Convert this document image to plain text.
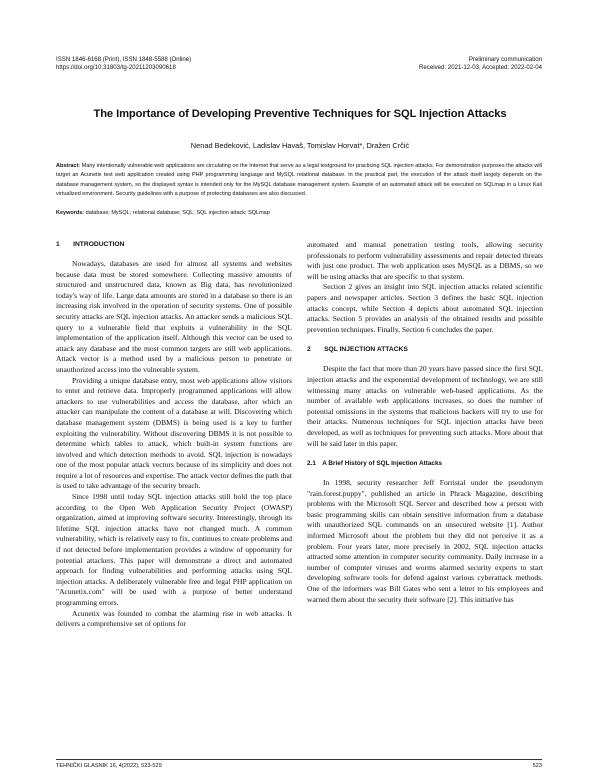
ISSN 1846-6168 (Print), ISSN 1848-5588 (Online)
https://doi.org/10.31803/tg-20211203090618
Preliminary communication
Received: 2021-12-03, Accepted: 2022-02-04
The Importance of Developing Preventive Techniques for SQL Injection Attacks
Nenad Bedeković, Ladislav Havaš, Tomislav Horvat*, Dražen Crčić
Abstract: Many intentionally vulnerable web applications are circulating on the Internet that serve as a legal testground for practicing SQL injection attacks. For demonstration purposes the attacks will target an Acunetix test web application created using PHP programming language and MySQL relational database. In the practical part, the execution of the attack itself largely depends on the database management system, so the displayed syntax is intended only for the MySQL database management system. Example of an automated attack will be executed on SQLmap in a Linux Kali virtualized environment. Security guidelines with a purpose of protecting databases are also discussed.
Keywords: database; MySQL; relational database; SQL; SQL injection attack; SQLmap
1  INTRODUCTION

Nowadays, databases are used for almost all systems and websites because data must be stored somewhere. Collecting massive amounts of structured and unstructured data, known as Big data, has revolutionized today's way of life. Large data amounts are stored in a database so there is an increasing risk involved in the operation of security systems. One of possible security attacks are SQL injection attacks. An attacker sends a malicious SQL query to a vulnerable field that exploits a vulnerability in the SQL implementation of the application itself. Although this vector can be used to attack any database and the most common targets are still web applications. Attack vector is a method used by a malicious person to penetrate or unauthorized access into the vulnerable system.

Providing a unique database entry, most web applications allow visitors to enter and retrieve data. Improperly programmed applications will allow attackers to use vulnerabilities and access the database, after which an attacker can manipulate the content of a database at will. Discovering which database management system (DBMS) is being used is a key to further exploiting the vulnerability. Without discovering DBMS it is not possible to determine which tables to attack, which built-in system functions are involved and which detection methods to avoid. SQL injection is nowadays one of the most popular attack vectors because of its simplicity and does not require a lot of resources and expertise. The attack vector defines the path that is used to take advantage of the security breach.

Since 1998 until today SQL injection attacks still hold the top place according to the Open Web Application Security Project (OWASP) organization, aimed at improving software security. Interestingly, through its lifetime SQL injection attacks have not changed much. A common vulnerability, which is relatively easy to fix, continues to create problems and if not detected before implementation provides a window of opportunity for potential attackers. This paper will demonstrate a direct and automated approach for finding vulnerabilities and performing attacks using SQL injection attacks. A deliberately vulnerable free and legal PHP application on "Acunetix.com" will be used with a purpose of better understand programming errors.

Acunetix was founded to combat the alarming rise in web attacks. It delivers a comprehensive set of options for

automated and manual penetration testing tools, allowing security professionals to perform vulnerability assessments and repair detected threats with just one product. The web application uses MySQL as a DBMS, so we will be using attacks that are specific to that system.

Section 2 gives an insight into SQL injection attacks related scientific papers and newspaper articles. Section 3 defines the basic SQL injection attacks concept, while Section 4 depicts about automated SQL injection attacks. Section 5 provides an analysis of the obtained results and possible prevention techniques. Finally, Section 6 concludes the paper.

2  SQL INJECTION ATTACKS

Despite the fact that more than 20 years have passed since the first SQL injection attacks and the exponential development of technology, we are still witnessing many attacks on vulnerable web-based applications. As the number of available web applications increases, so does the number of potential omissions in the systems that malicious hackers will try to use for their attacks. Numerous techniques for SQL injection attacks have been developed, as well as techniques for preventing such attacks. More about that will be said later in this paper.

2.1 A Brief History of SQL Injection Attacks

In 1998, security researcher Jeff Forristal under the pseudonym "rain.forest.puppy", published an article in Phrack Magazine, describing problems with the Microsoft SQL Server and described how a person with basic programming skills can obtain sensitive information from a database with unauthorized SQL commands on an unsecured website [1]. Author informed Microsoft about the problem but they did not perceive it as a problem. Four years later, more precisely in 2002, SQL injection attacks attracted some attention in computer security community. Daily increase in a number of computer viruses and worms alarmed security experts to start developing software tools for defend against various cyberattack methods. One of the informers was Bill Gates who sent a letter to his employees and warned them about the security their software [2]. This initiative has

TEHNIČKI GLASNIK 16, 4(2022), 523-529	523
